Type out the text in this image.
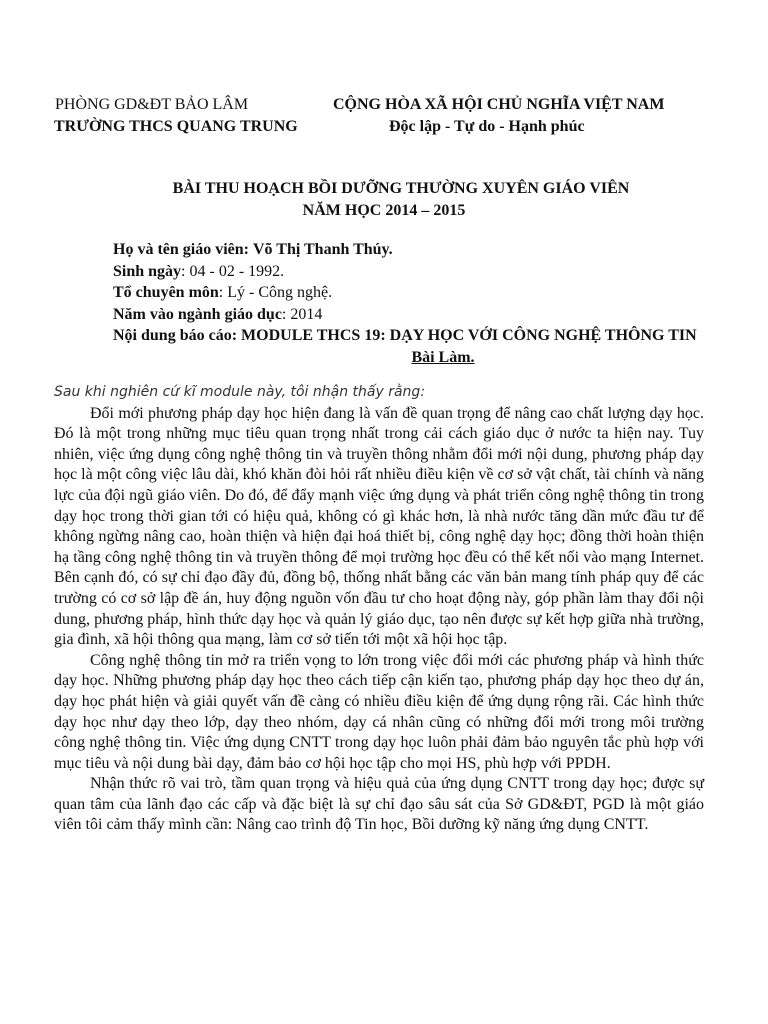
PHÒNG GD&ĐT BẢO LÂM
TRƯỜNG THCS QUANG TRUNG
CỘNG HÒA XÃ HỘI CHỦ NGHĨA VIỆT NAM
Độc lập - Tự do - Hạnh phúc
BÀI THU HOẠCH BỒI DƯỠNG THƯỜNG XUYÊN GIÁO VIÊN
NĂM HỌC 2014 – 2015
Họ và tên giáo viên: Võ Thị Thanh Thúy.
Sinh ngày: 04 - 02 - 1992.
Tổ chuyên môn: Lý - Công nghệ.
Năm vào ngành giáo dục: 2014
Nội dung báo cáo: MODULE THCS 19: DẠY HỌC VỚI CÔNG NGHỆ THÔNG TIN
Bài Làm.
Sau khi nghiên cứ kĩ module này, tôi nhận thấy rằng:

Đổi mới phương pháp dạy học hiện đang là vấn đề quan trọng để nâng cao chất lượng dạy học. Đó là một trong những mục tiêu quan trọng nhất trong cải cách giáo dục ở nước ta hiện nay. Tuy nhiên, việc ứng dụng công nghệ thông tin và truyền thông nhằm đổi mới nội dung, phương pháp dạy học là một công việc lâu dài, khó khăn đòi hỏi rất nhiều điều kiện về cơ sở vật chất, tài chính và năng lực của đội ngũ giáo viên. Do đó, để đẩy mạnh việc ứng dụng và phát triển công nghệ thông tin trong dạy học trong thời gian tới có hiệu quả, không có gì khác hơn, là nhà nước tăng dần mức đầu tư để không ngừng nâng cao, hoàn thiện và hiện đại hoá thiết bị, công nghệ dạy học; đồng thời hoàn thiện hạ tầng công nghệ thông tin và truyền thông để mọi trường học đều có thể kết nối vào mạng Internet. Bên cạnh đó, có sự chỉ đạo đầy đủ, đồng bộ, thống nhất bằng các văn bản mang tính pháp quy để các trường có cơ sở lập đề án, huy động nguồn vốn đầu tư cho hoạt động này, góp phần làm thay đổi nội dung, phương pháp, hình thức dạy học và quản lý giáo dục, tạo nên được sự kết hợp giữa nhà trường, gia đình, xã hội thông qua mạng, làm cơ sở tiến tới một xã hội học tập.

Công nghệ thông tin mở ra triển vọng to lớn trong việc đổi mới các phương pháp và hình thức dạy học. Những phương pháp dạy học theo cách tiếp cận kiến tạo, phương pháp dạy học theo dự án, dạy học phát hiện và giải quyết vấn đề càng có nhiều điều kiện để ứng dụng rộng rãi. Các hình thức dạy học như dạy theo lớp, dạy theo nhóm, dạy cá nhân cũng có những đổi mới trong môi trường công nghệ thông tin. Việc ứng dụng CNTT trong dạy học luôn phải đảm bảo nguyên tắc phù hợp với mục tiêu và nội dung bài dạy, đảm bảo cơ hội học tập cho mọi HS, phù hợp với PPDH.

Nhận thức rõ vai trò, tầm quan trọng và hiệu quả của ứng dụng CNTT trong dạy học; được sự quan tâm của lãnh đạo các cấp và đặc biệt là sự chỉ đạo sâu sát của Sở GD&ĐT, PGD là một giáo viên tôi cảm thấy mình cần: Nâng cao trình độ Tin học, Bồi dưỡng kỹ năng ứng dụng CNTT.
